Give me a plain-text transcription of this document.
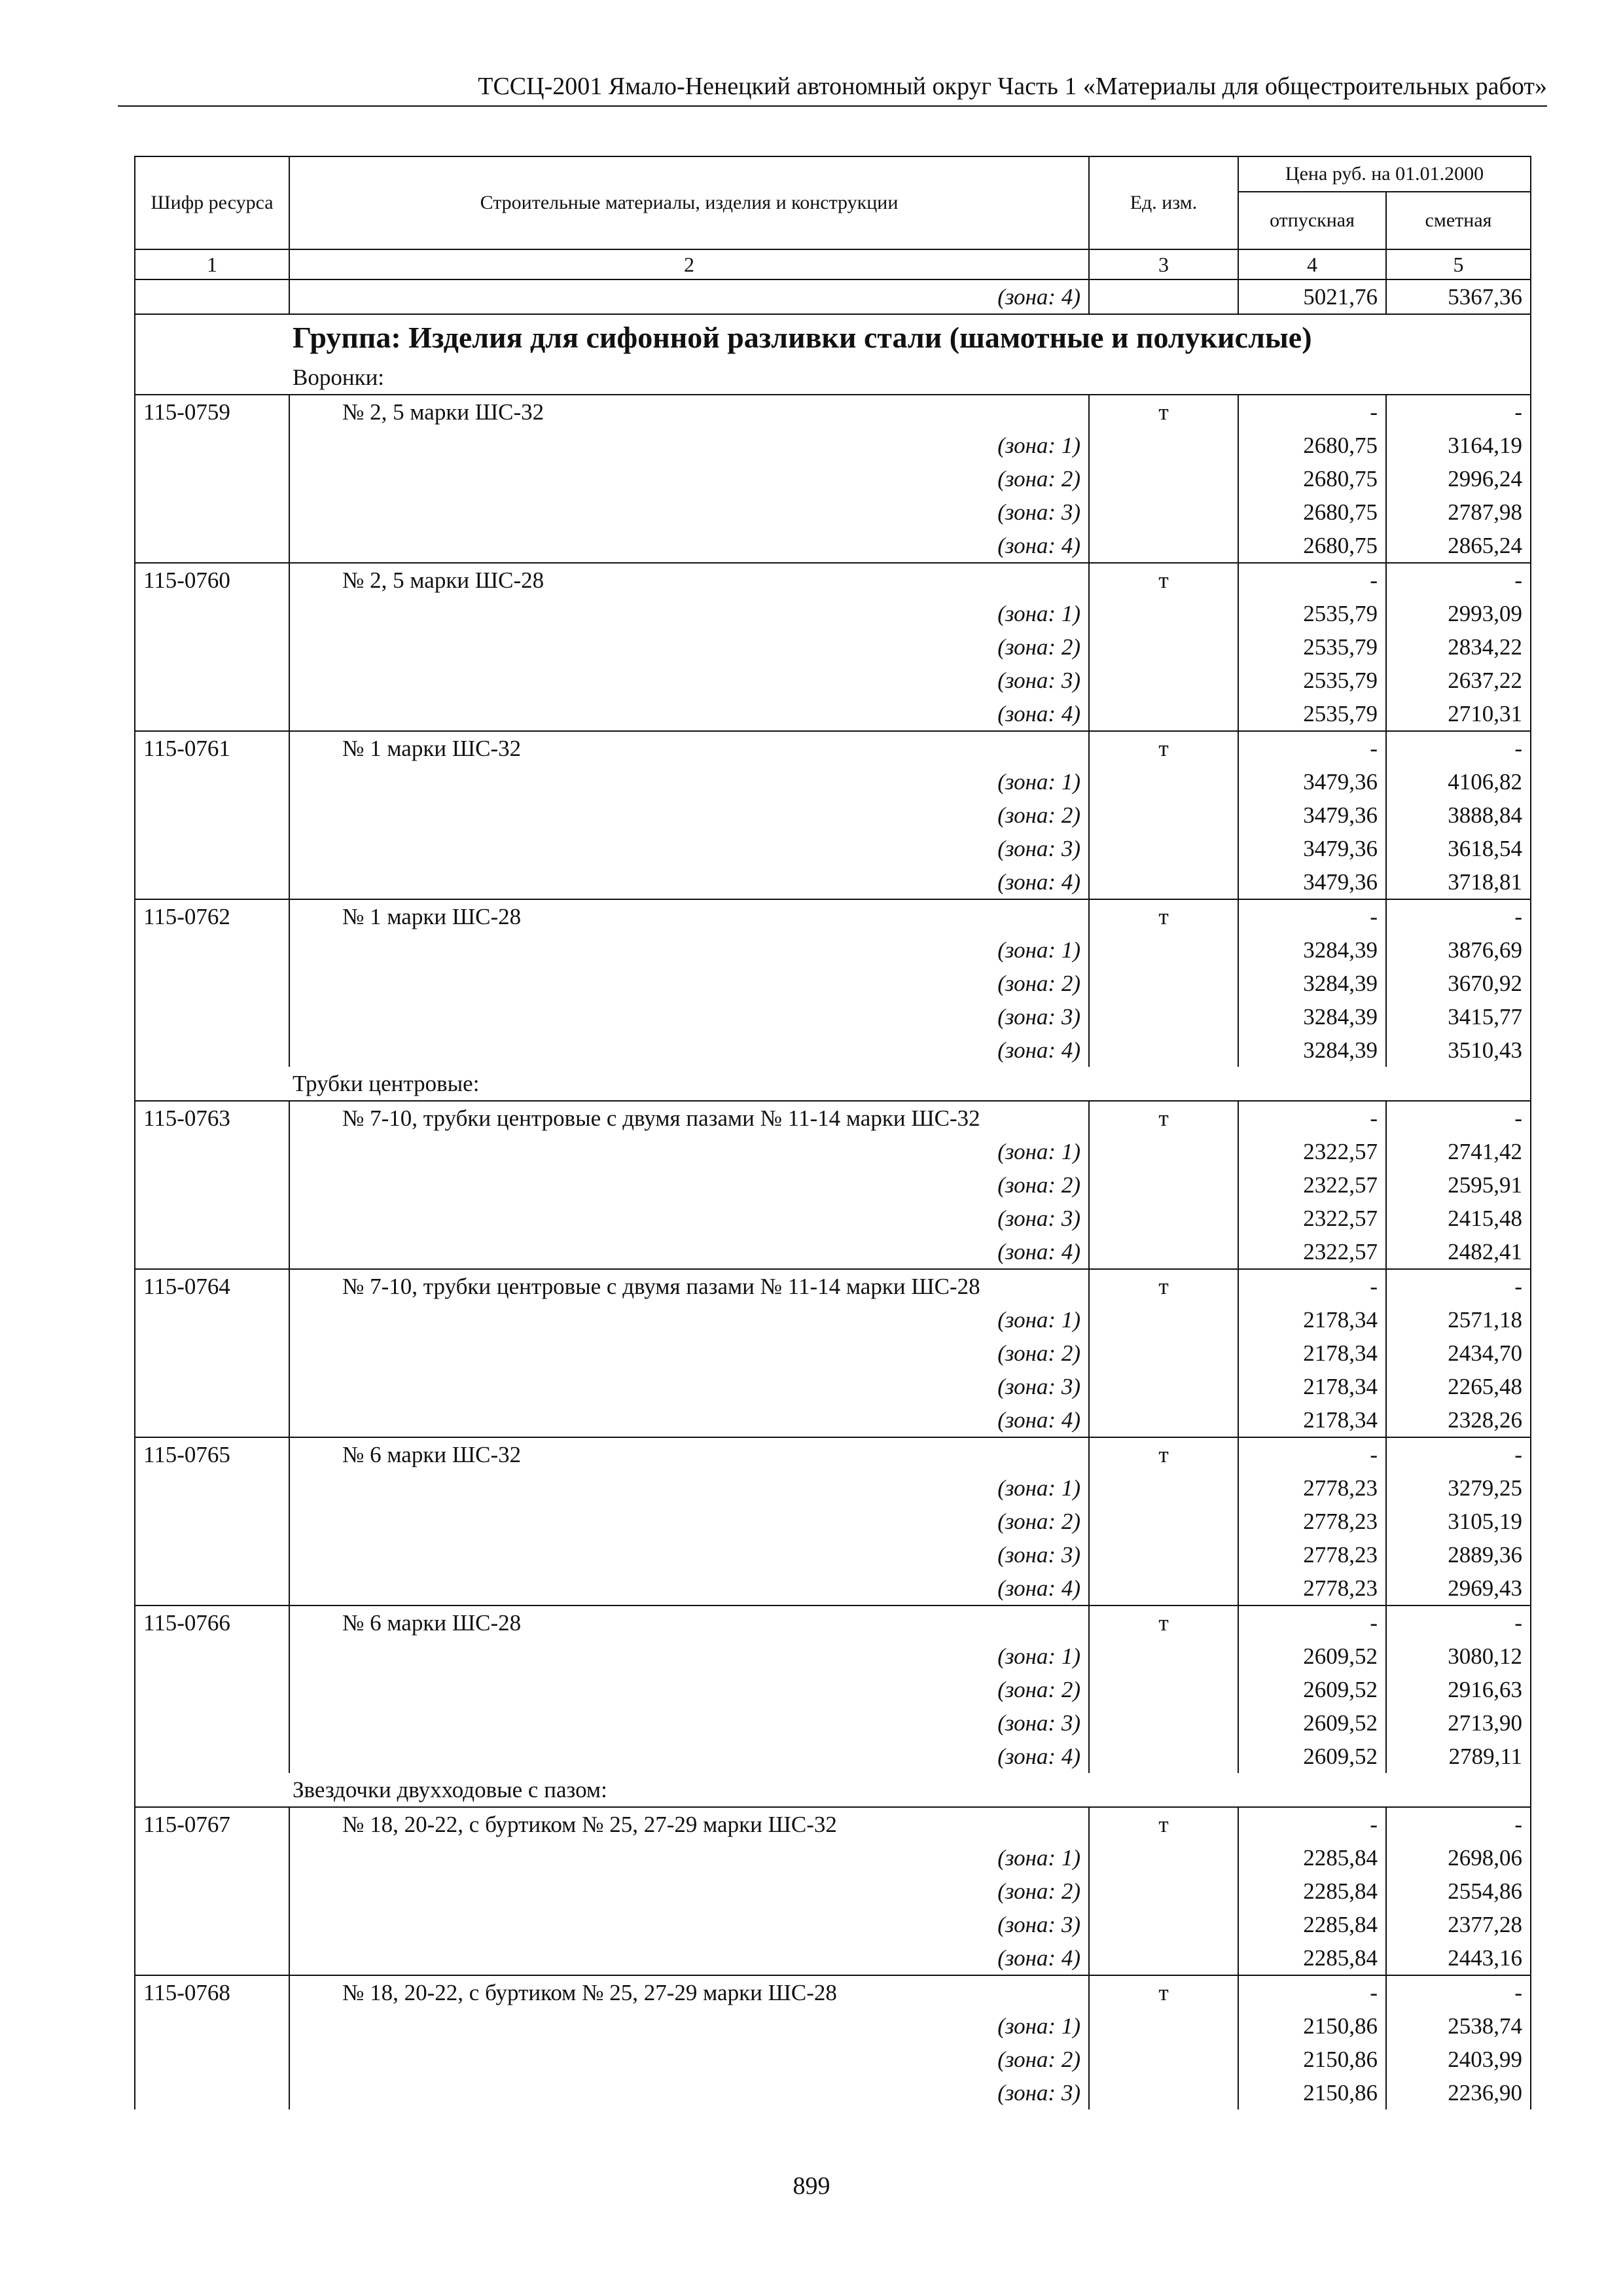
ТССЦ-2001 Ямало-Ненецкий автономный округ Часть 1 «Материалы для общестроительных работ»
Шифр ресурса	Строительные материалы, изделия и конструкции	Ед. изм.	Цена руб. на 01.01.2000	
			отпускная	сметная
1	2	3	4	5
	(зона: 4)		5021,76	5367,36
Группа: Изделия для сифонной разливки стали (шамотные и полукислые)				
Воронки:				
115-0759	№ 2, 5 марки ШС-32	т	-	-
	(зона: 1)		2680,75	3164,19
	(зона: 2)		2680,75	2996,24
	(зона: 3)		2680,75	2787,98
	(зона: 4)		2680,75	2865,24
115-0760	№ 2, 5 марки ШС-28	т	-	-
	(зона: 1)		2535,79	2993,09
	(зона: 2)		2535,79	2834,22
	(зона: 3)		2535,79	2637,22
	(зона: 4)		2535,79	2710,31
115-0761	№ 1 марки ШС-32	т	-	-
	(зона: 1)		3479,36	4106,82
	(зона: 2)		3479,36	3888,84
	(зона: 3)		3479,36	3618,54
	(зона: 4)		3479,36	3718,81
115-0762	№ 1 марки ШС-28	т	-	-
	(зона: 1)		3284,39	3876,69
	(зона: 2)		3284,39	3670,92
	(зона: 3)		3284,39	3415,77
	(зона: 4)		3284,39	3510,43
Трубки центровые:				
115-0763	№ 7-10, трубки центровые с двумя пазами № 11-14 марки ШС-32	т	-	-
	(зона: 1)		2322,57	2741,42
	(зона: 2)		2322,57	2595,91
	(зона: 3)		2322,57	2415,48
	(зона: 4)		2322,57	2482,41
115-0764	№ 7-10, трубки центровые с двумя пазами № 11-14 марки ШС-28	т	-	-
	(зона: 1)		2178,34	2571,18
	(зона: 2)		2178,34	2434,70
	(зона: 3)		2178,34	2265,48
	(зона: 4)		2178,34	2328,26
115-0765	№ 6 марки ШС-32	т	-	-
	(зона: 1)		2778,23	3279,25
	(зона: 2)		2778,23	3105,19
	(зона: 3)		2778,23	2889,36
	(зона: 4)		2778,23	2969,43
115-0766	№ 6 марки ШС-28	т	-	-
	(зона: 1)		2609,52	3080,12
	(зона: 2)		2609,52	2916,63
	(зона: 3)		2609,52	2713,90
	(зона: 4)		2609,52	2789,11
Звездочки двухходовые с пазом:				
115-0767	№ 18, 20-22, с буртиком № 25, 27-29 марки ШС-32	т	-	-
	(зона: 1)		2285,84	2698,06
	(зона: 2)		2285,84	2554,86
	(зона: 3)		2285,84	2377,28
	(зона: 4)		2285,84	2443,16
115-0768	№ 18, 20-22, с буртиком № 25, 27-29 марки ШС-28	т	-	-
	(зона: 1)		2150,86	2538,74
	(зона: 2)		2150,86	2403,99
	(зона: 3)		2150,86	2236,90
899
